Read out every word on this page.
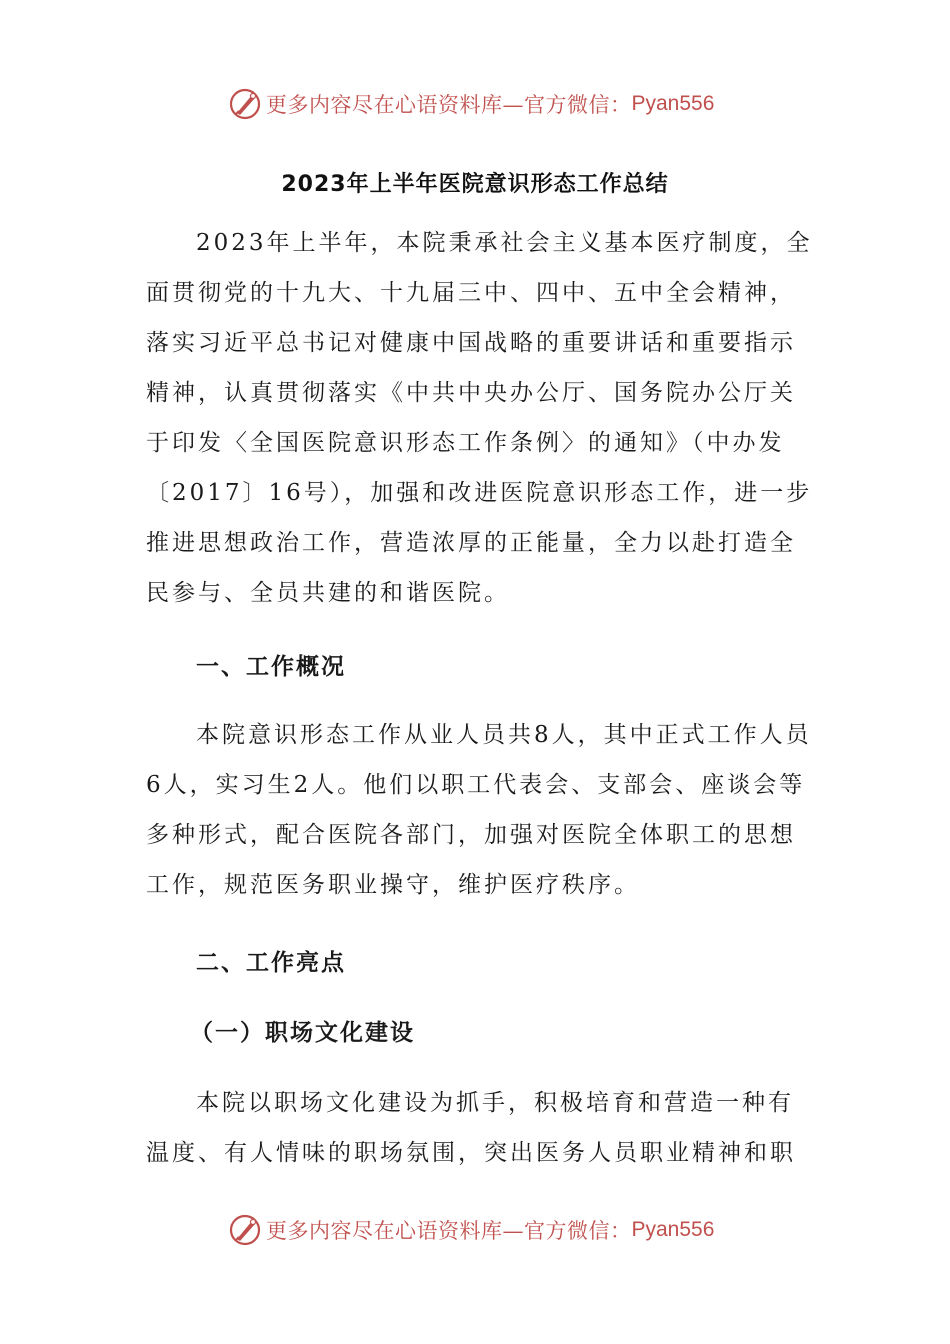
更多内容尽在心语资料库—官方微信： Pyan556
2023年上半年医院意识形态工作总结
2023年上半年，本院秉承社会主义基本医疗制度，全
面贯彻党的十九大、十九届三中、四中、五中全会精神，
落实习近平总书记对健康中国战略的重要讲话和重要指示
精神，认真贯彻落实《中共中央办公厅、国务院办公厅关
于印发〈全国医院意识形态工作条例〉的通知》（中办发
〔2017〕16号），加强和改进医院意识形态工作，进一步
推进思想政治工作，营造浓厚的正能量，全力以赴打造全
民参与、全员共建的和谐医院。
一、工作概况
本院意识形态工作从业人员共8人，其中正式工作人员
6人，实习生2人。他们以职工代表会、支部会、座谈会等
多种形式，配合医院各部门，加强对医院全体职工的思想
工作，规范医务职业操守，维护医疗秩序。
二、工作亮点
（一）职场文化建设
本院以职场文化建设为抓手，积极培育和营造一种有
温度、有人情味的职场氛围，突出医务人员职业精神和职
更多内容尽在心语资料库—官方微信： Pyan556
